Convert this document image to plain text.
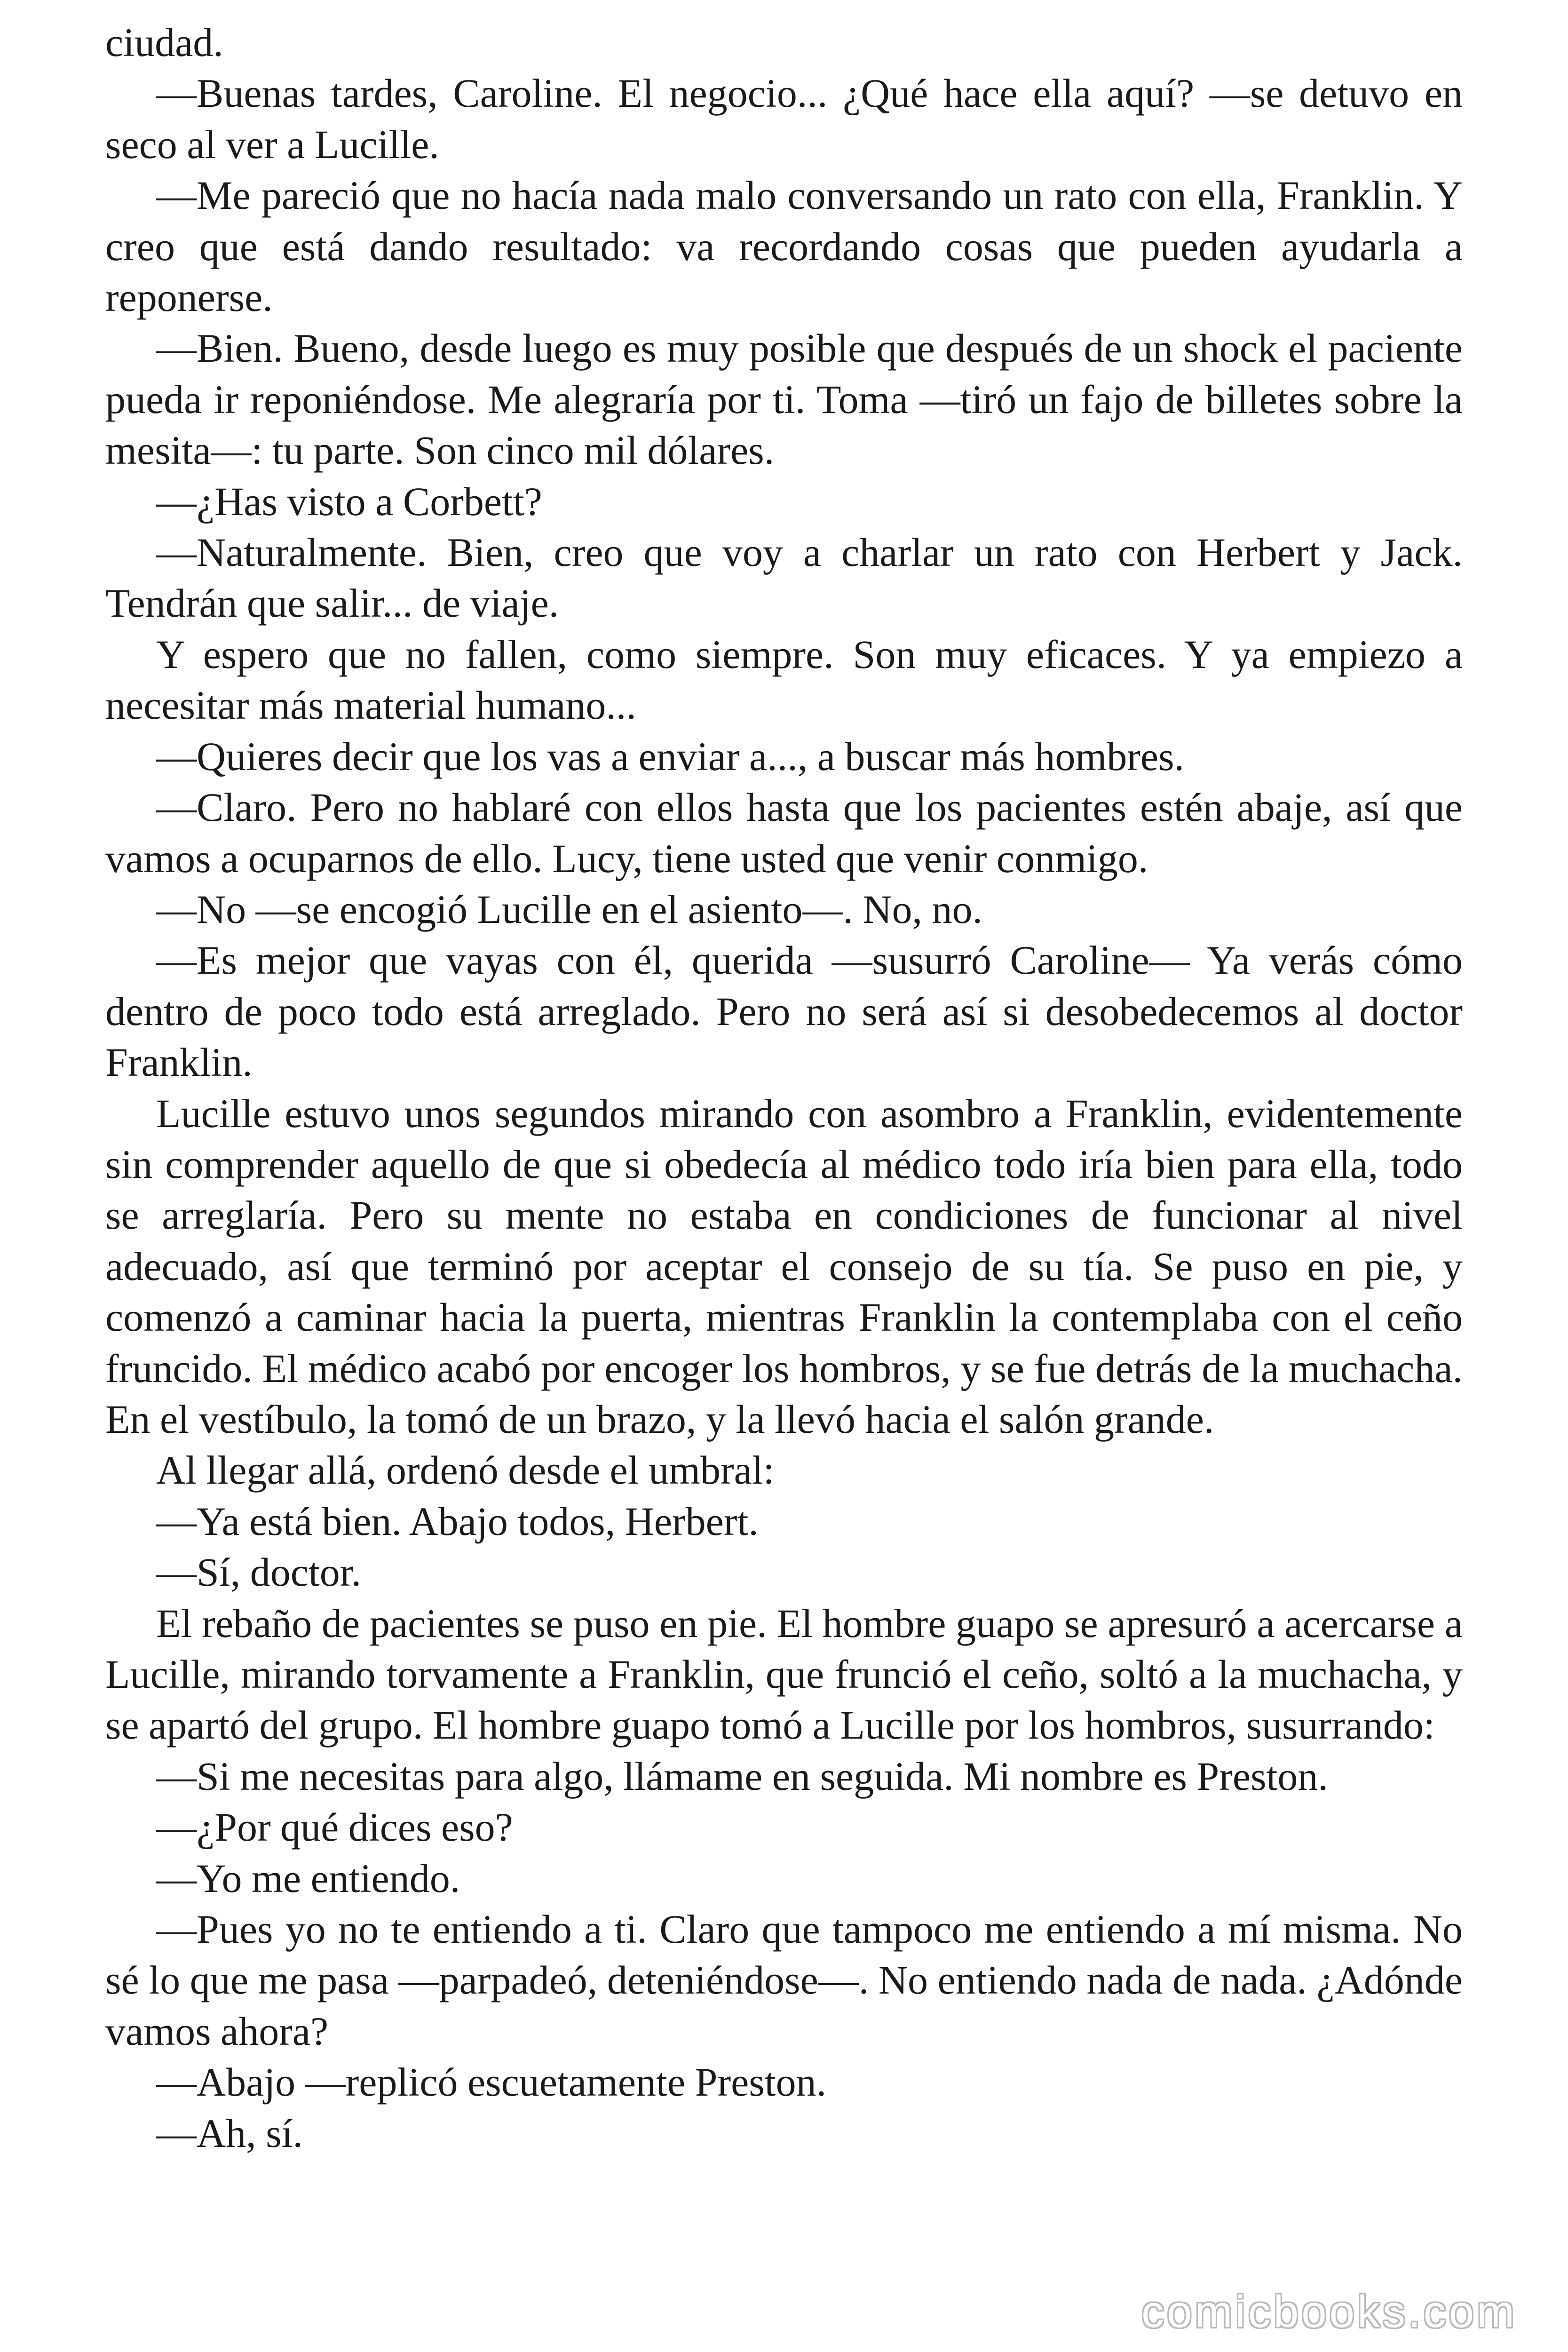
ciudad.

—Buenas tardes, Caroline. El negocio... ¿Qué hace ella aquí? —se detuvo en seco al ver a Lucille.

—Me pareció que no hacía nada malo conversando un rato con ella, Franklin. Y creo que está dando resultado: va recordando cosas que pueden ayudarla a reponerse.

—Bien. Bueno, desde luego es muy posible que después de un shock el paciente pueda ir reponiéndose. Me alegraría por ti. Toma —tiró un fajo de billetes sobre la mesita—: tu parte. Son cinco mil dólares.

—¿Has visto a Corbett?

—Naturalmente. Bien, creo que voy a charlar un rato con Herbert y Jack. Tendrán que salir... de viaje.

Y espero que no fallen, como siempre. Son muy eficaces. Y ya empiezo a necesitar más material humano...

—Quieres decir que los vas a enviar a..., a buscar más hombres.

—Claro. Pero no hablaré con ellos hasta que los pacientes estén abaje, así que vamos a ocuparnos de ello. Lucy, tiene usted que venir conmigo.

—No —se encogió Lucille en el asiento—. No, no.

—Es mejor que vayas con él, querida —susurró Caroline— Ya verás cómo dentro de poco todo está arreglado. Pero no será así si desobedecemos al doctor Franklin.

Lucille estuvo unos segundos mirando con asombro a Franklin, evidentemente sin comprender aquello de que si obedecía al médico todo iría bien para ella, todo se arreglaría. Pero su mente no estaba en condiciones de funcionar al nivel adecuado, así que terminó por aceptar el consejo de su tía. Se puso en pie, y comenzó a caminar hacia la puerta, mientras Franklin la contemplaba con el ceño fruncido. El médico acabó por encoger los hombros, y se fue detrás de la muchacha. En el vestíbulo, la tomó de un brazo, y la llevó hacia el salón grande.

Al llegar allá, ordenó desde el umbral:

—Ya está bien. Abajo todos, Herbert.

—Sí, doctor.

El rebaño de pacientes se puso en pie. El hombre guapo se apresuró a acercarse a Lucille, mirando torvamente a Franklin, que frunció el ceño, soltó a la muchacha, y se apartó del grupo. El hombre guapo tomó a Lucille por los hombros, susurrando:

—Si me necesitas para algo, llámame en seguida. Mi nombre es Preston.

—¿Por qué dices eso?

—Yo me entiendo.

—Pues yo no te entiendo a ti. Claro que tampoco me entiendo a mí misma. No sé lo que me pasa —parpadeó, deteniéndose—. No entiendo nada de nada. ¿Adónde vamos ahora?

—Abajo —replicó escuetamente Preston.

—Ah, sí.

comicbooks.com
